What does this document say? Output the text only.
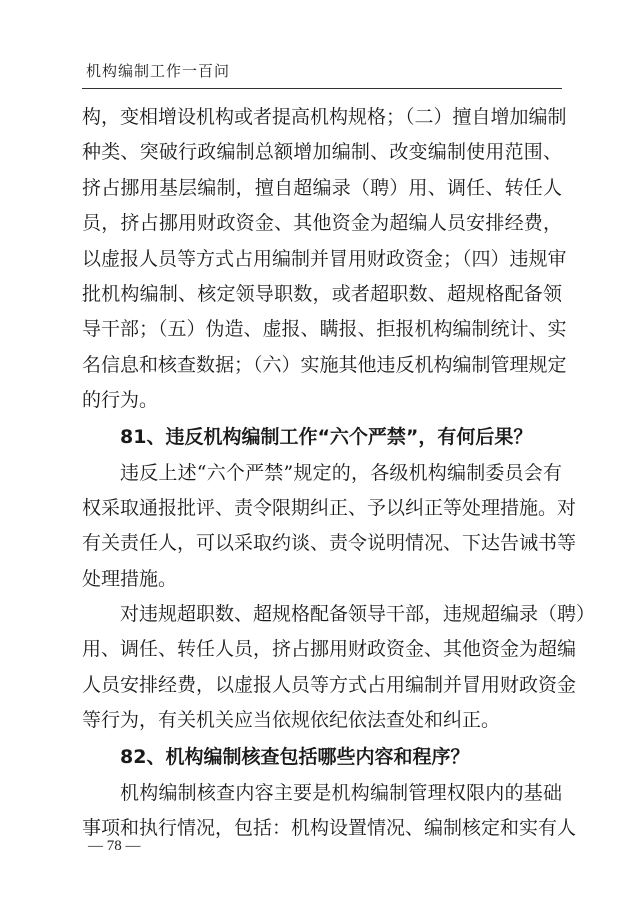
机构编制工作一百问
构，变相增设机构或者提高机构规格；（二）擅自增加编制
种类、突破行政编制总额增加编制、改变编制使用范围、
挤占挪用基层编制，擅自超编录（聘）用、调任、转任人
员，挤占挪用财政资金、其他资金为超编人员安排经费，
以虚报人员等方式占用编制并冒用财政资金；（四）违规审
批机构编制、核定领导职数，或者超职数、超规格配备领
导干部；（五）伪造、虚报、瞒报、拒报机构编制统计、实
名信息和核查数据；（六）实施其他违反机构编制管理规定
的行为。
81、违反机构编制工作“六个严禁”，有何后果？
违反上述“六个严禁”规定的，各级机构编制委员会有
权采取通报批评、责令限期纠正、予以纠正等处理措施。对
有关责任人，可以采取约谈、责令说明情况、下达告诫书等
处理措施。
对违规超职数、超规格配备领导干部，违规超编录（聘）
用、调任、转任人员，挤占挪用财政资金、其他资金为超编
人员安排经费，以虚报人员等方式占用编制并冒用财政资金
等行为，有关机关应当依规依纪依法查处和纠正。
82、机构编制核查包括哪些内容和程序？
机构编制核查内容主要是机构编制管理权限内的基础
事项和执行情况，包括：机构设置情况、编制核定和实有人
— 78 —
